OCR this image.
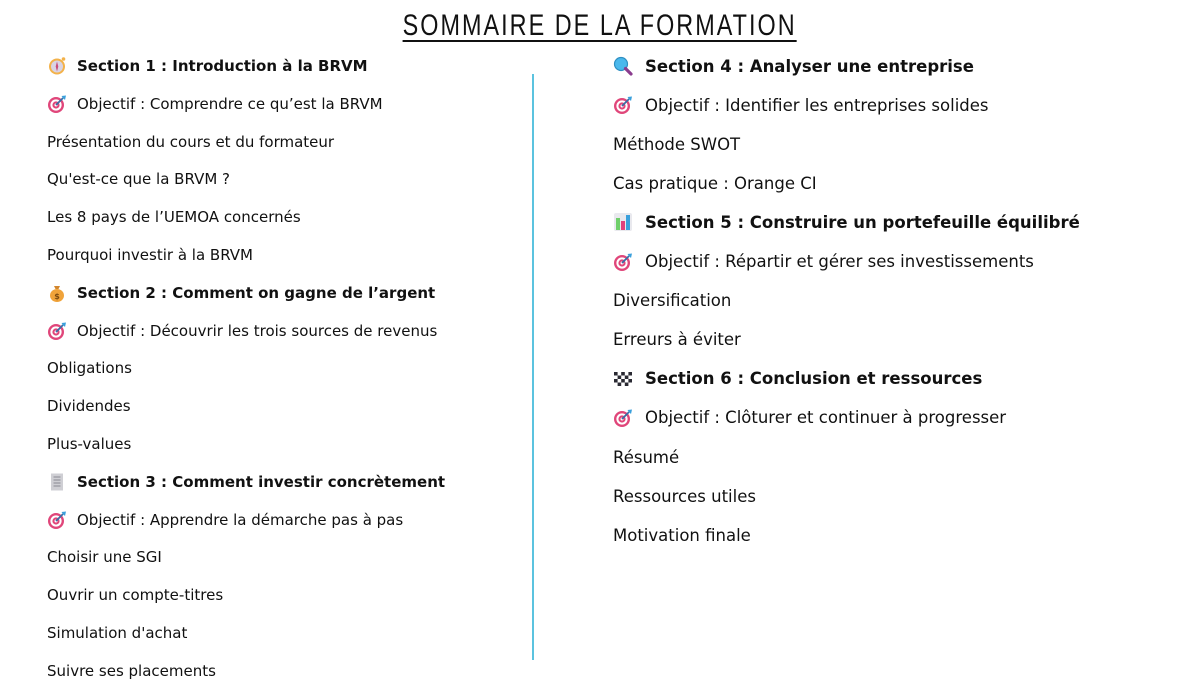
SOMMAIRE DE LA FORMATION
Section 1 : Introduction à la BRVM
Objectif : Comprendre ce qu’est la BRVM
Présentation du cours et du formateur
Qu'est-ce que la BRVM ?
Les 8 pays de l’UEMOA concernés
Pourquoi investir à la BRVM
$ Section 2 : Comment on gagne de l’argent
Objectif : Découvrir les trois sources de revenus
Obligations
Dividendes
Plus-values
Section 3 : Comment investir concrètement
Objectif : Apprendre la démarche pas à pas
Choisir une SGI
Ouvrir un compte-titres
Simulation d'achat
Suivre ses placements
Section 4 : Analyser une entreprise
Objectif : Identifier les entreprises solides
Méthode SWOT
Cas pratique : Orange CI
Section 5 : Construire un portefeuille équilibré
Objectif : Répartir et gérer ses investissements
Diversification
Erreurs à éviter
Section 6 : Conclusion et ressources
Objectif : Clôturer et continuer à progresser
Résumé
Ressources utiles
Motivation finale
